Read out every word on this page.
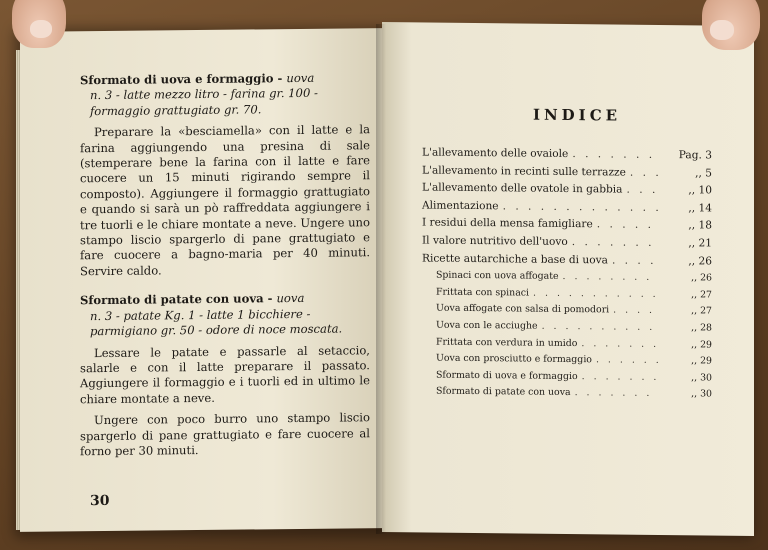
Sformato di uova e formaggio - uova
n. 3 - latte mezzo litro - farina gr. 100 - formaggio grattugiato gr. 70.
Preparare la «besciamella» con il latte e la farina aggiungendo una presina di sale (stemperare bene la farina con il latte e fare cuocere un 15 minuti rigirando sempre il composto). Aggiungere il formaggio grattugiato e quando si sarà un pò raffreddata aggiungere i tre tuorli e le chiare montate a neve. Ungere uno stampo liscio spargerlo di pane grattugiato e fare cuocere a bagno-maria per 40 minuti. Servire caldo.
Sformato di patate con uova - uova
n. 3 - patate Kg. 1 - latte 1 bicchiere - parmigiano gr. 50 - odore di noce moscata.
Lessare le patate e passarle al setaccio, salarle e con il latte preparare il passato. Aggiungere il formaggio e i tuorli ed in ultimo le chiare montate a neve.
Ungere con poco burro uno stampo liscio spargerlo di pane grattugiato e fare cuocere al forno per 30 minuti.
30
INDICE
L'allevamento delle ovaiole . . .	Pag. 3
L'allevamento in recinti sulle terrazze . . .	,, 5
L'allevamento delle ovatole in gabbia . . .	,, 10
Alimentazione . . .	,, 14
I residui della mensa famigliare . . .	,, 18
Il valore nutritivo dell'uovo . . .	,, 21
Ricette autarchiche a base di uova . . .	,, 26
Spinaci con uova affogate . . .	,, 26
Frittata con spinaci . . .	,, 27
Uova affogate con salsa di pomodori . . .	,, 27
Uova con le acciughe . . .	,, 28
Frittata con verdura in umido . . .	,, 29
Uova con prosciutto e formaggio . . .	,, 29
Sformato di uova e formaggio . . .	,, 30
Sformato di patate con uova . . .	,, 30
